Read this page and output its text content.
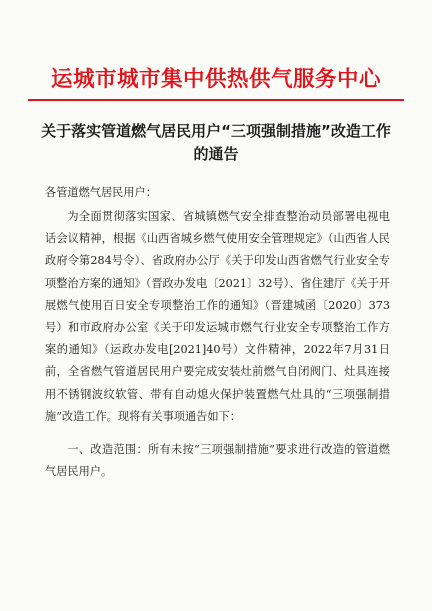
运城市城市集中供热供气服务中心
关于落实管道燃气居民用户“三项强制措施”改造工作的通告
各管道燃气居民用户：

为全面贯彻落实国家、省城镇燃气安全排查整治动员部署电视电话会议精神，根据《山西省城乡燃气使用安全管理规定》（山西省人民政府令第284号令）、省政府办公厅《关于印发山西省燃气行业安全专项整治方案的通知》（晋政办发电〔2021〕32号）、省住建厅《关于开展燃气使用百日安全专项整治工作的通知》（晋建城函〔2020〕373号）和市政府办公室《关于印发运城市燃气行业安全专项整治工作方案的通知》（运政办发电[2021]40号）文件精神，2022年7月31日前，全省燃气管道居民用户要完成安装灶前燃气自闭阀门、灶具连接用不锈钢波纹软管、带有自动熄火保护装置燃气灶具的“三项强制措施”改造工作。现将有关事项通告如下：

一、改造范围：所有未按“三项强制措施”要求进行改造的管道燃气居民用户。
